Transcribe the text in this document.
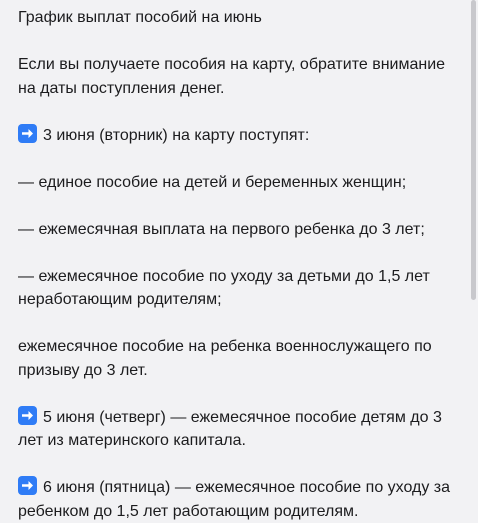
График выплат пособий на июнь

Если вы получаете пособия на карту, обратите внимание на даты поступления денег.

3 июня (вторник) на карту поступят:

— единое пособие на детей и беременных женщин;

— ежемесячная выплата на первого ребенка до 3 лет;

— ежемесячное пособие по уходу за детьми до 1,5 лет неработающим родителям;

ежемесячное пособие на ребенка военнослужащего по призыву до 3 лет.

5 июня (четверг) — ежемесячное пособие детям до 3 лет из материнского капитала.

6 июня (пятница) — ежемесячное пособие по уходу за ребенком до 1,5 лет работающим родителям.
